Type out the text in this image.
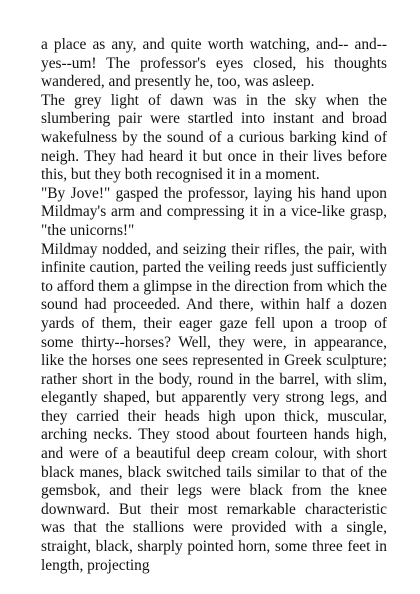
a place as any, and quite worth watching, and-- and--yes--um! The professor's eyes closed, his thoughts wandered, and presently he, too, was asleep.

The grey light of dawn was in the sky when the slumbering pair were startled into instant and broad wakefulness by the sound of a curious barking kind of neigh. They had heard it but once in their lives before this, but they both recognised it in a moment.

"By Jove!" gasped the professor, laying his hand upon Mildmay's arm and compressing it in a vice-like grasp, "the unicorns!"

Mildmay nodded, and seizing their rifles, the pair, with infinite caution, parted the veiling reeds just sufficiently to afford them a glimpse in the direction from which the sound had proceeded. And there, within half a dozen yards of them, their eager gaze fell upon a troop of some thirty--horses? Well, they were, in appearance, like the horses one sees represented in Greek sculpture; rather short in the body, round in the barrel, with slim, elegantly shaped, but apparently very strong legs, and they carried their heads high upon thick, muscular, arching necks. They stood about fourteen hands high, and were of a beautiful deep cream colour, with short black manes, black switched tails similar to that of the gemsbok, and their legs were black from the knee downward. But their most remarkable characteristic was that the stallions were provided with a single, straight, black, sharply pointed horn, some three feet in length, projecting
